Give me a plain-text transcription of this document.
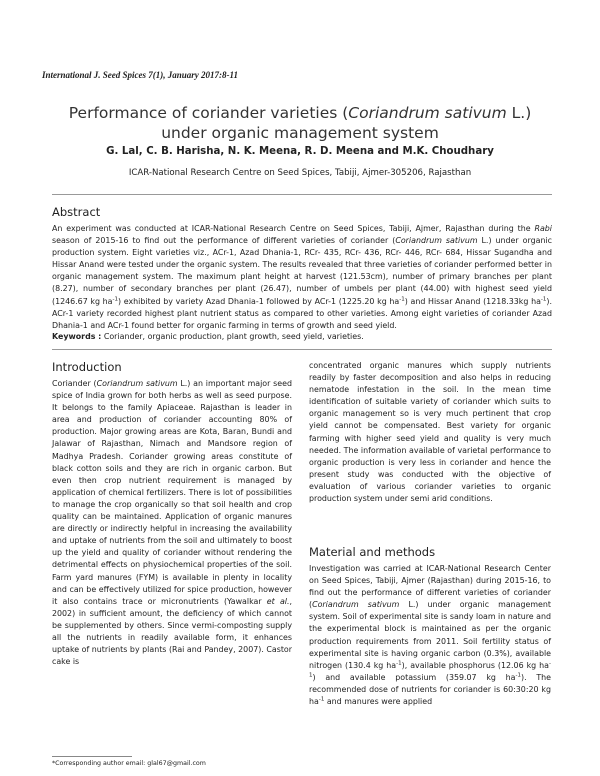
International J. Seed Spices 7(1), January 2017:8-11
Performance of coriander varieties (Coriandrum sativum L.)
under organic management system
G. Lal, C. B. Harisha, N. K. Meena, R. D. Meena and M.K. Choudhary
ICAR-National Research Centre on Seed Spices, Tabiji, Ajmer-305206, Rajasthan
Abstract
An experiment was conducted at ICAR-National Research Centre on Seed Spices, Tabiji, Ajmer, Rajasthan during the Rabi season of 2015-16 to find out the performance of different varieties of coriander (Coriandrum sativum L.) under organic production system. Eight varieties viz., ACr-1, Azad Dhania-1, RCr- 435, RCr- 436, RCr- 446, RCr- 684, Hissar Sugandha and Hissar Anand were tested under the organic system. The results revealed that three varieties of coriander performed better in organic management system. The maximum plant height at harvest (121.53cm), number of primary branches per plant (8.27), number of secondary branches per plant (26.47), number of umbels per plant (44.00) with highest seed yield (1246.67 kg $ha^{-1}$) exhibited by variety Azad Dhania-1 followed by ACr-1 (1225.20 kg $ha^{-1}$) and Hissar Anand (1218.33kg $ha^{-1}$). ACr-1 variety recorded highest plant nutrient status as compared to other varieties. Among eight varieties of coriander Azad Dhania-1 and ACr-1 found better for organic farming in terms of growth and seed yield.
Keywords : Coriander, organic production, plant growth, seed yield, varieties.
Introduction
Coriander (Coriandrum sativum L.) an important major seed spice of India grown for both herbs as well as seed purpose. It belongs to the family Apiaceae. Rajasthan is leader in area and production of coriander accounting 80% of production. Major growing areas are Kota, Baran, Bundi and Jalawar of Rajasthan, Nimach and Mandsore region of Madhya Pradesh. Coriander growing areas constitute of black cotton soils and they are rich in organic carbon. But even then crop nutrient requirement is managed by application of chemical fertilizers. There is lot of possibilities to manage the crop organically so that soil health and crop quality can be maintained. Application of organic manures are directly or indirectly helpful in increasing the availability and uptake of nutrients from the soil and ultimately to boost up the yield and quality of coriander without rendering the detrimental effects on physiochemical properties of the soil. Farm yard manures (FYM) is available in plenty in locality and can be effectively utilized for spice production, however it also contains trace or micronutrients (Yawalkar et al., 2002) in sufficient amount, the deficiency of which cannot be supplemented by others. Since vermi-composting supply all the nutrients in readily available form, it enhances uptake of nutrients by plants (Rai and Pandey, 2007). Castor cake is
concentrated organic manures which supply nutrients readily by faster decomposition and also helps in reducing nematode infestation in the soil. In the mean time identification of suitable variety of coriander which suits to organic management so is very much pertinent that crop yield cannot be compensated. Best variety for organic farming with higher seed yield and quality is very much needed. The information available of varietal performance to organic production is very less in coriander and hence the present study was conducted with the objective of evaluation of various coriander varieties to organic production system under semi arid conditions.
Material and methods
Investigation was carried at ICAR-National Research Center on Seed Spices, Tabiji, Ajmer (Rajasthan) during 2015-16, to find out the performance of different varieties of coriander (Coriandrum sativum L.) under organic management system. Soil of experimental site is sandy loam in nature and the experimental block is maintained as per the organic production requirements from 2011. Soil fertility status of experimental site is having organic carbon (0.3%), available nitrogen (130.4 kg $ha^{-1}$), available phosphorus (12.06 kg $ha^{-1}$) and available potassium (359.07 kg $ha^{-1}$). The recommended dose of nutrients for coriander is 60:30:20 kg $ha^{-1}$ and manures were applied
*Corresponding author email: glal67@gmail.com
